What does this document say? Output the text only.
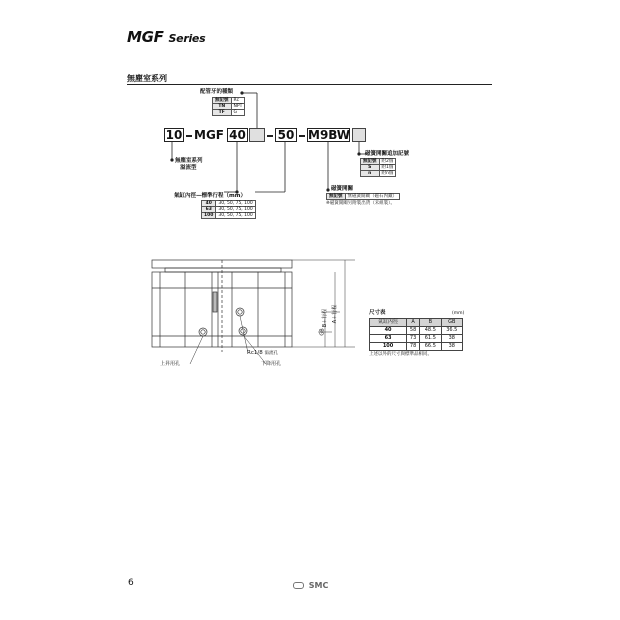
MGF Series
無塵室系列
配管牙的種類
無記號	Rc
TN	NPT
TF	G
10 MGF 40	50 M9BW
無塵室系列
溢流型
氣缸內徑—標準行程（mm）
40	30, 50, 75, 100
63	30, 50, 75, 100
100	30, 50, 75, 100
磁簧開關追加記號
無記號	附2個
S	附1個
n	附n個
磁簧開關
無記號	無磁簧開關（磁石內藏）
※磁簧開關另附裝出貨（未組裝）。
上昇用孔	下降用孔
Rc1/8 溢流孔
GB
B＋行程 A＋行程	尺寸表	(mm)
氣缸內徑	A	B	GB
40	58	48.5	36.5
63	73	61.5	38
100	78	66.5	38
上述以外的尺寸與標準品相同。
6	SMC
